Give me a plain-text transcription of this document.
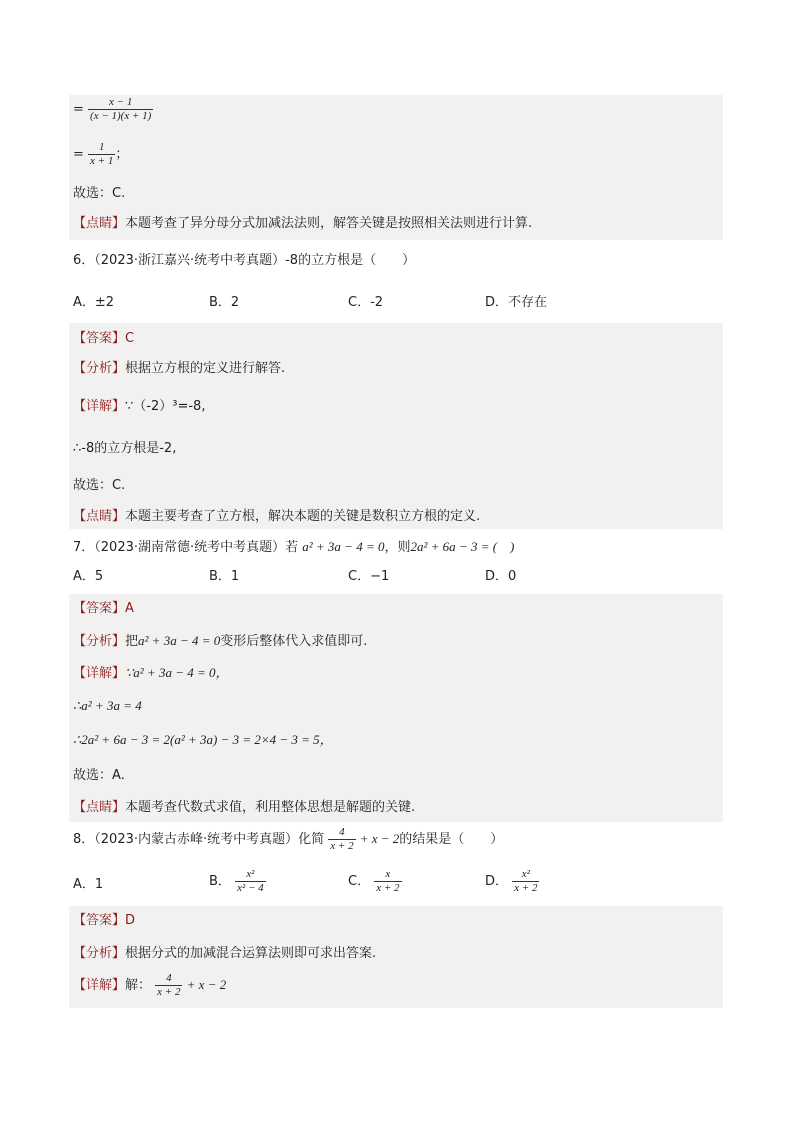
= $\frac{x - 1}{(x - 1)(x + 1)}$
= $\frac{1}{x + 1}$ ；
故选：C.
【点睛】本题考查了异分母分式加减法法则，解答关键是按照相关法则进行计算.
6．（2023·浙江嘉兴·统考中考真题）-8的立方根是（　　）
A．±2	B．2	C．-2	D．不存在
【答案】C
【分析】根据立方根的定义进行解答.
【详解】∵（-2）³=-8,
∴-8的立方根是-2,
故选：C.
【点睛】本题主要考查了立方根，解决本题的关键是数积立方根的定义.
7．（2023·湖南常德·统考中考真题）若 a² + 3a − 4 = 0，则2a² + 6a − 3 = (　)
A．5	B．1	C．−1	D．0
【答案】A
【分析】把a² + 3a − 4 = 0变形后整体代入求值即可.
【详解】∵a² + 3a − 4 = 0，
∴a² + 3a = 4
∴2a² + 6a − 3 = 2(a² + 3a) − 3 = 2×4 − 3 = 5，
故选：A.
【点睛】本题考查代数式求值，利用整体思想是解题的关键.
8．（2023·内蒙古赤峰·统考中考真题）化简 $\frac{4}{x + 2} + x - 2$的结果是（　　）
A．1	B． $\frac{\text{x²}}{\text{x² − 4}}$	C． $\frac{x}{x + 2}$	D． $\frac{\text{x²}}{x + 2}$
【答案】D
【分析】根据分式的加减混合运算法则即可求出答案.
【详解】解： $\frac{4}{x + 2} + x - 2$
